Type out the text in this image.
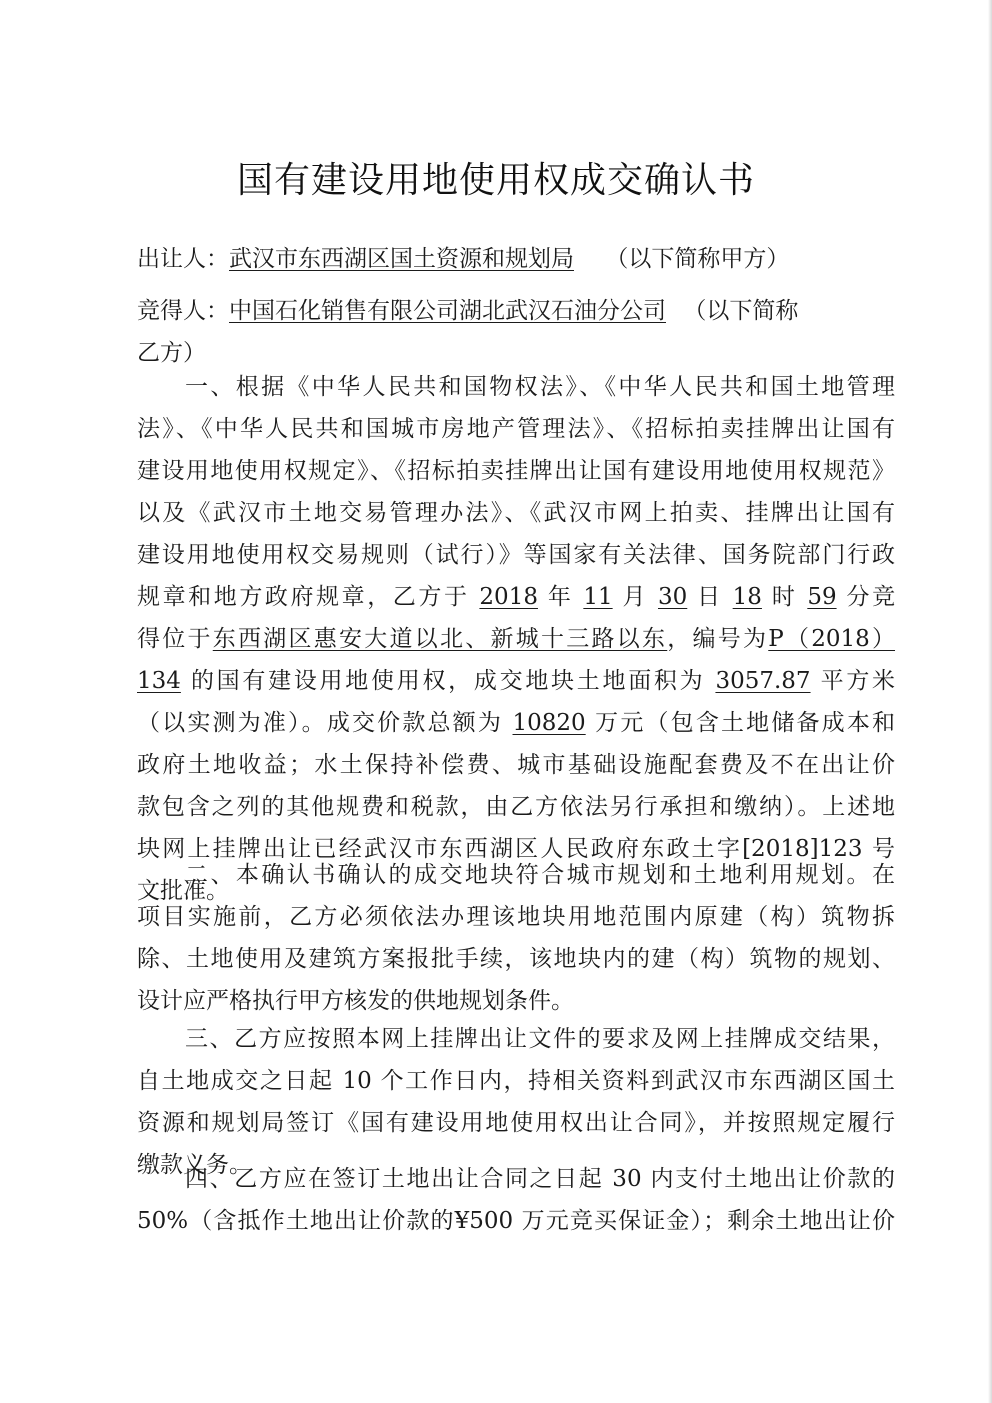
国有建设用地使用权成交确认书
出让人：武汉市东西湖区国土资源和规划局 （以下简称甲方）
竞得人：中国石化销售有限公司湖北武汉石油分公司 （以下简称
乙方）
一、根据《中华人民共和国物权法》、《中华人民共和国土地管理
法》、《中华人民共和国城市房地产管理法》、《招标拍卖挂牌出让国有
建设用地使用权规定》、《招标拍卖挂牌出让国有建设用地使用权规范》
以及《武汉市土地交易管理办法》、《武汉市网上拍卖、挂牌出让国有
建设用地使用权交易规则（试行）》等国家有关法律、国务院部门行政
规章和地方政府规章，乙方于 2018 年 11 月 30 日 18 时 59 分竞
得位于东西湖区惠安大道以北、新城十三路以东，编号为P（2018）
134 的国有建设用地使用权，成交地块土地面积为 3057.87 平方米
（以实测为准）。成交价款总额为 10820 万元（包含土地储备成本和
政府土地收益；水土保持补偿费、城市基础设施配套费及不在出让价
款包含之列的其他规费和税款，由乙方依法另行承担和缴纳）。上述地
块网上挂牌出让已经武汉市东西湖区人民政府东政土字[2018]123 号
文批准。
二、本确认书确认的成交地块符合城市规划和土地利用规划。在
项目实施前，乙方必须依法办理该地块用地范围内原建（构）筑物拆
除、土地使用及建筑方案报批手续，该地块内的建（构）筑物的规划、
设计应严格执行甲方核发的供地规划条件。
三、乙方应按照本网上挂牌出让文件的要求及网上挂牌成交结果，
自土地成交之日起 10 个工作日内，持相关资料到武汉市东西湖区国土
资源和规划局签订《国有建设用地使用权出让合同》，并按照规定履行
缴款义务。
四、乙方应在签订土地出让合同之日起 30 内支付土地出让价款的
50%（含抵作土地出让价款的¥500 万元竞买保证金）；剩余土地出让价
